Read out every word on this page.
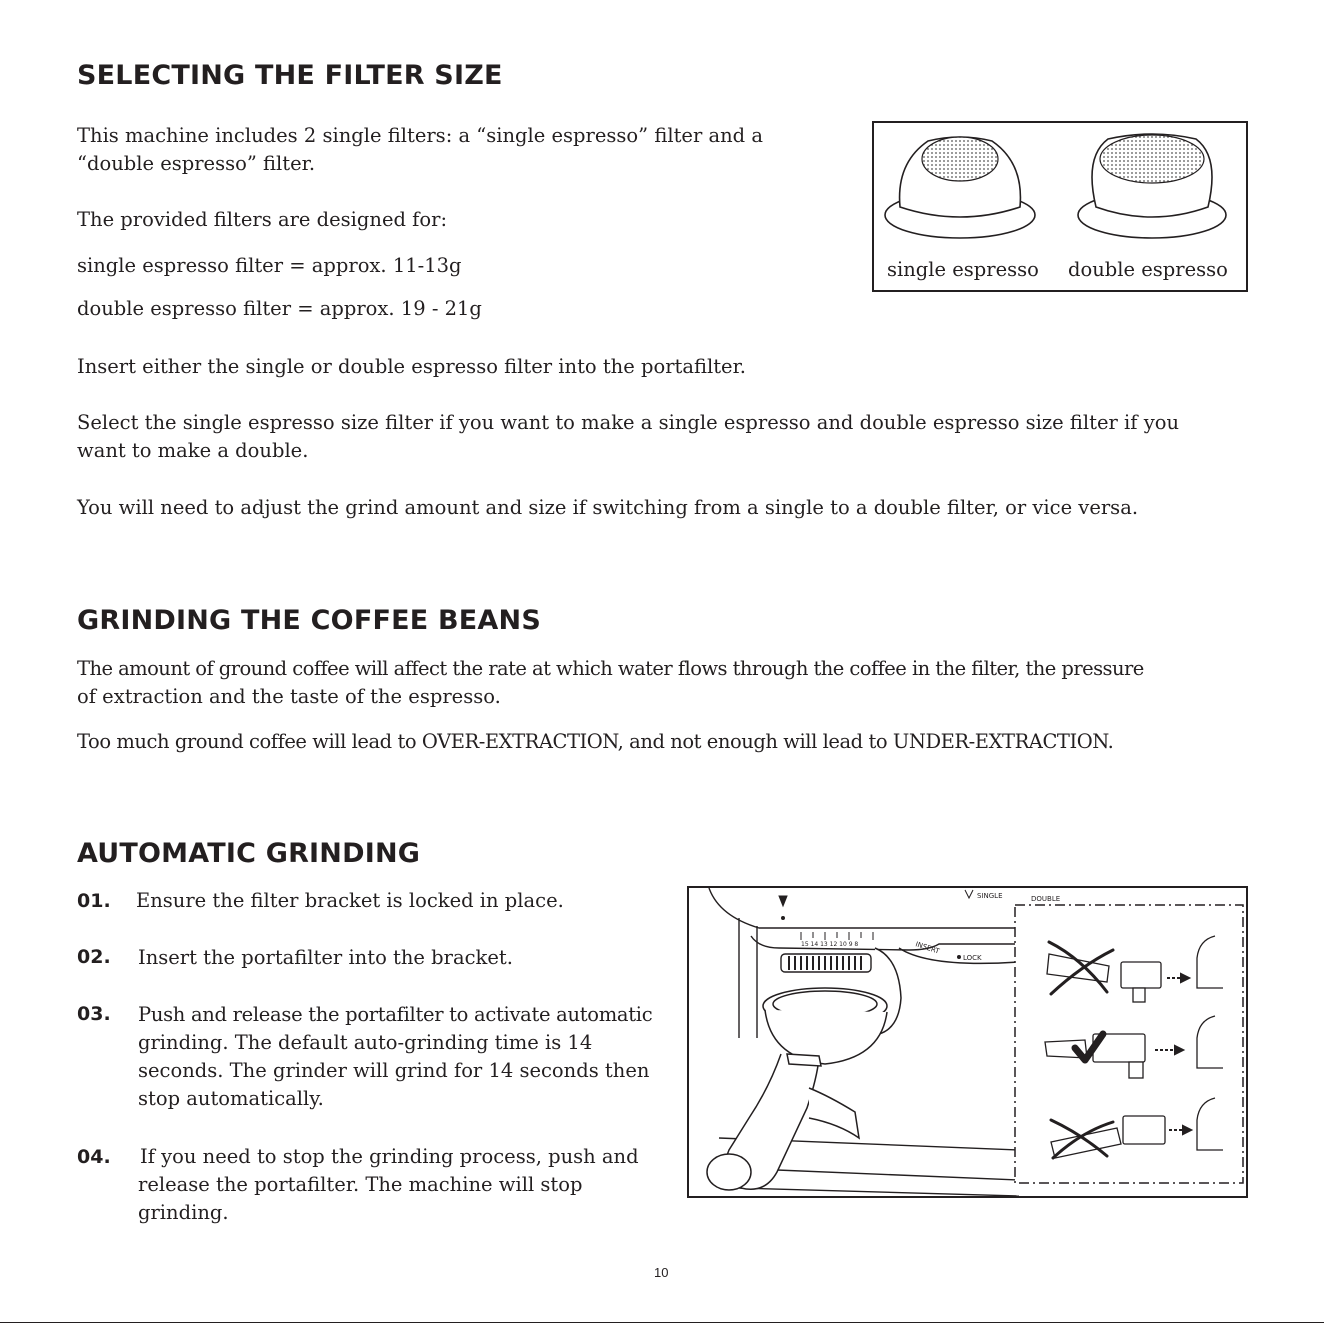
SELECTING THE FILTER SIZE

This machine includes 2 single filters: a “single espresso” filter and a

“double espresso” filter.

The provided filters are designed for:

single espresso filter = approx. 11-13g

double espresso filter = approx. 19 - 21g

Insert either the single or double espresso filter into the portafilter.

Select the single espresso size filter if you want to make a single espresso and double espresso size filter if you

want to make a double.

You will need to adjust the grind amount and size if switching from a single to a double filter, or vice versa.

single espresso double espresso
GRINDING THE COFFEE BEANS

The amount of ground coffee will affect the rate at which water flows through the coffee in the filter, the pressure

of extraction and the taste of the espresso.

Too much ground coffee will lead to OVER-EXTRACTION, and not enough will lead to UNDER-EXTRACTION.

AUTOMATIC GRINDING
01. Ensure the filter bracket is locked in place.
02. Insert the portafilter into the bracket.
03. Push and release the portafilter to activate automatic
grinding. The default auto-grinding time is 14
seconds. The grinder will grind for 14 seconds then
stop automatically.
04. If you need to stop the grinding process, push and
release the portafilter. The machine will stop
grinding.
SINGLE	DOUBLE
INSERT
LOCK
15 14 13 12 10 9 8
10
